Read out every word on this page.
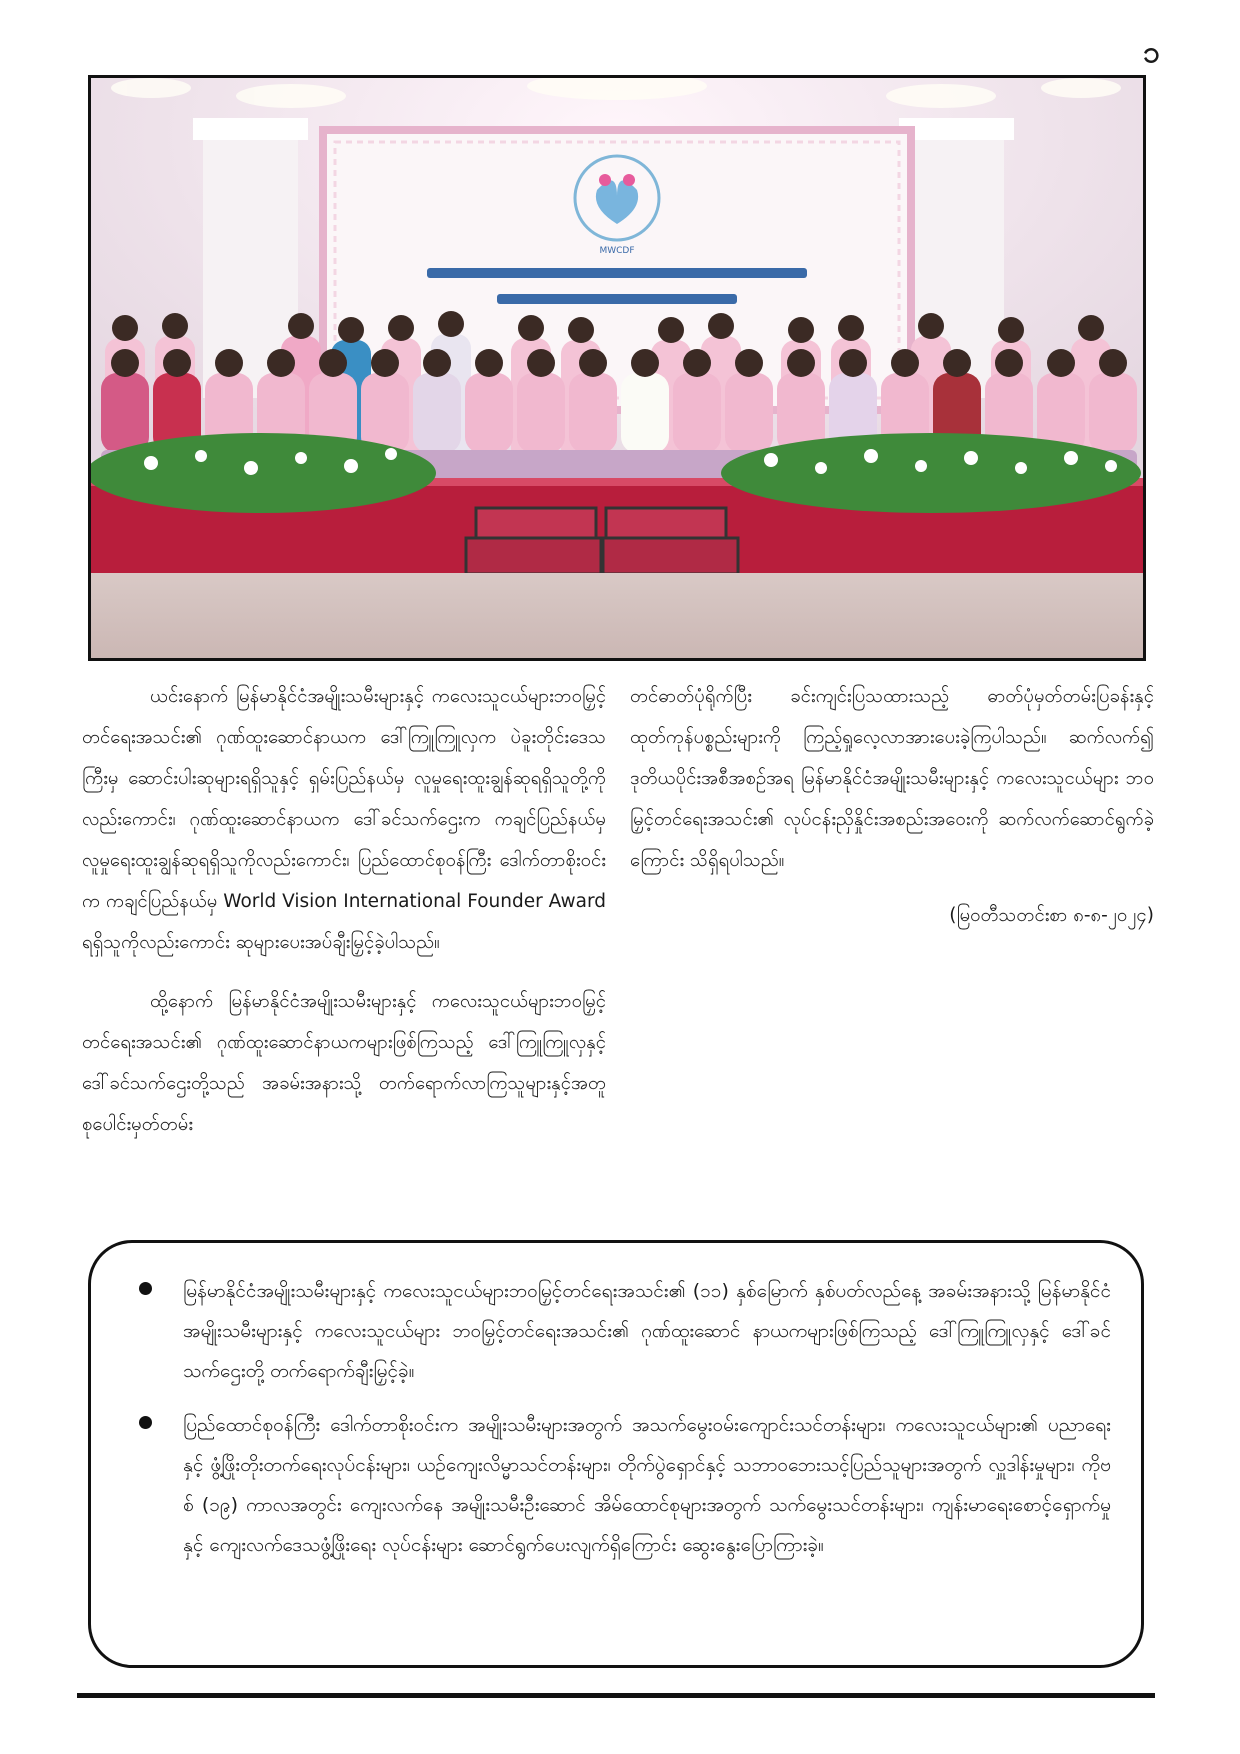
၁
MWCDF

ယင်းနောက် မြန်မာနိုင်ငံအမျိုးသမီးများနှင့် ကလေးသူငယ်များဘဝမြှင့်တင်ရေးအသင်း၏ ဂုဏ်ထူးဆောင်နာယက ဒေါ်ကြူကြူလှက ပဲခူးတိုင်းဒေသကြီးမှ ဆောင်းပါးဆုများရရှိသူနှင့် ရှမ်းပြည်နယ်မှ လူမှုရေးထူးချွန်ဆုရရှိသူတို့ကိုလည်းကောင်း၊ ဂုဏ်ထူးဆောင်နာယက ဒေါ်ခင်သက်ဌေးက ကချင်ပြည်နယ်မှ လူမှုရေးထူးချွန်ဆုရရှိသူကိုလည်းကောင်း၊ ပြည်ထောင်စုဝန်ကြီး ဒေါက်တာစိုးဝင်းက ကချင်ပြည်နယ်မှ World Vision International Founder Award ရရှိသူကိုလည်းကောင်း ဆုများပေးအပ်ချီးမြှင့်ခဲ့ပါသည်။

ထို့နောက် မြန်မာနိုင်ငံအမျိုးသမီးများနှင့် ကလေးသူငယ်များဘဝမြှင့်တင်ရေးအသင်း၏ ဂုဏ်ထူးဆောင်နာယကများဖြစ်ကြသည့် ဒေါ်ကြူကြူလှနှင့် ဒေါ်ခင်သက်ဌေးတို့သည် အခမ်းအနားသို့ တက်ရောက်လာကြသူများနှင့်အတူ စုပေါင်းမှတ်တမ်း

တင်ဓာတ်ပုံရိုက်ပြီး ခင်းကျင်းပြသထားသည့် ဓာတ်ပုံမှတ်တမ်းပြခန်းနှင့် ထုတ်ကုန်ပစ္စည်းများကို ကြည့်ရှုလေ့လာအားပေးခဲ့ကြပါသည်။ ဆက်လက်၍ ဒုတိယပိုင်းအစီအစဉ်အရ မြန်မာနိုင်ငံအမျိုးသမီးများနှင့် ကလေးသူငယ်များ ဘဝမြှင့်တင်ရေးအသင်း၏ လုပ်ငန်းညှိနှိုင်းအစည်းအဝေးကို ဆက်လက်ဆောင်ရွက်ခဲ့ကြောင်း သိရှိရပါသည်။

(မြဝတီသတင်းစာ ၈-၈-၂၀၂၄)

မြန်မာနိုင်ငံအမျိုးသမီးများနှင့် ကလေးသူငယ်များဘဝမြှင့်တင်ရေးအသင်း၏ (၁၁) နှစ်မြောက် နှစ်ပတ်လည်နေ့ အခမ်းအနားသို့ မြန်မာနိုင်ငံအမျိုးသမီးများနှင့် ကလေးသူငယ်များ ဘဝမြှင့်တင်ရေးအသင်း၏ ဂုဏ်ထူးဆောင် နာယကများဖြစ်ကြသည့် ဒေါ်ကြူကြူလှနှင့် ဒေါ်ခင်သက်ဌေးတို့ တက်ရောက်ချီးမြှင့်ခဲ့။
ပြည်ထောင်စုဝန်ကြီး ဒေါက်တာစိုးဝင်းက အမျိုးသမီးများအတွက် အသက်မွေးဝမ်းကျောင်းသင်တန်းများ၊ ကလေးသူငယ်များ၏ ပညာရေးနှင့် ဖွံ့ဖြိုးတိုးတက်ရေးလုပ်ငန်းများ၊ ယဉ်ကျေးလိမ္မာသင်တန်းများ၊ တိုက်ပွဲရှောင်နှင့် သဘာဝဘေးသင့်ပြည်သူများအတွက် လှူဒါန်းမှုများ၊ ကိုဗစ် (၁၉) ကာလအတွင်း ကျေးလက်နေ အမျိုးသမီးဦးဆောင် အိမ်ထောင်စုများအတွက် သက်မွေးသင်တန်းများ၊ ကျန်းမာရေးစောင့်ရှောက်မှုနှင့် ကျေးလက်ဒေသဖွံ့ဖြိုးရေး လုပ်ငန်းများ ဆောင်ရွက်ပေးလျက်ရှိကြောင်း ဆွေးနွေးပြောကြားခဲ့။
